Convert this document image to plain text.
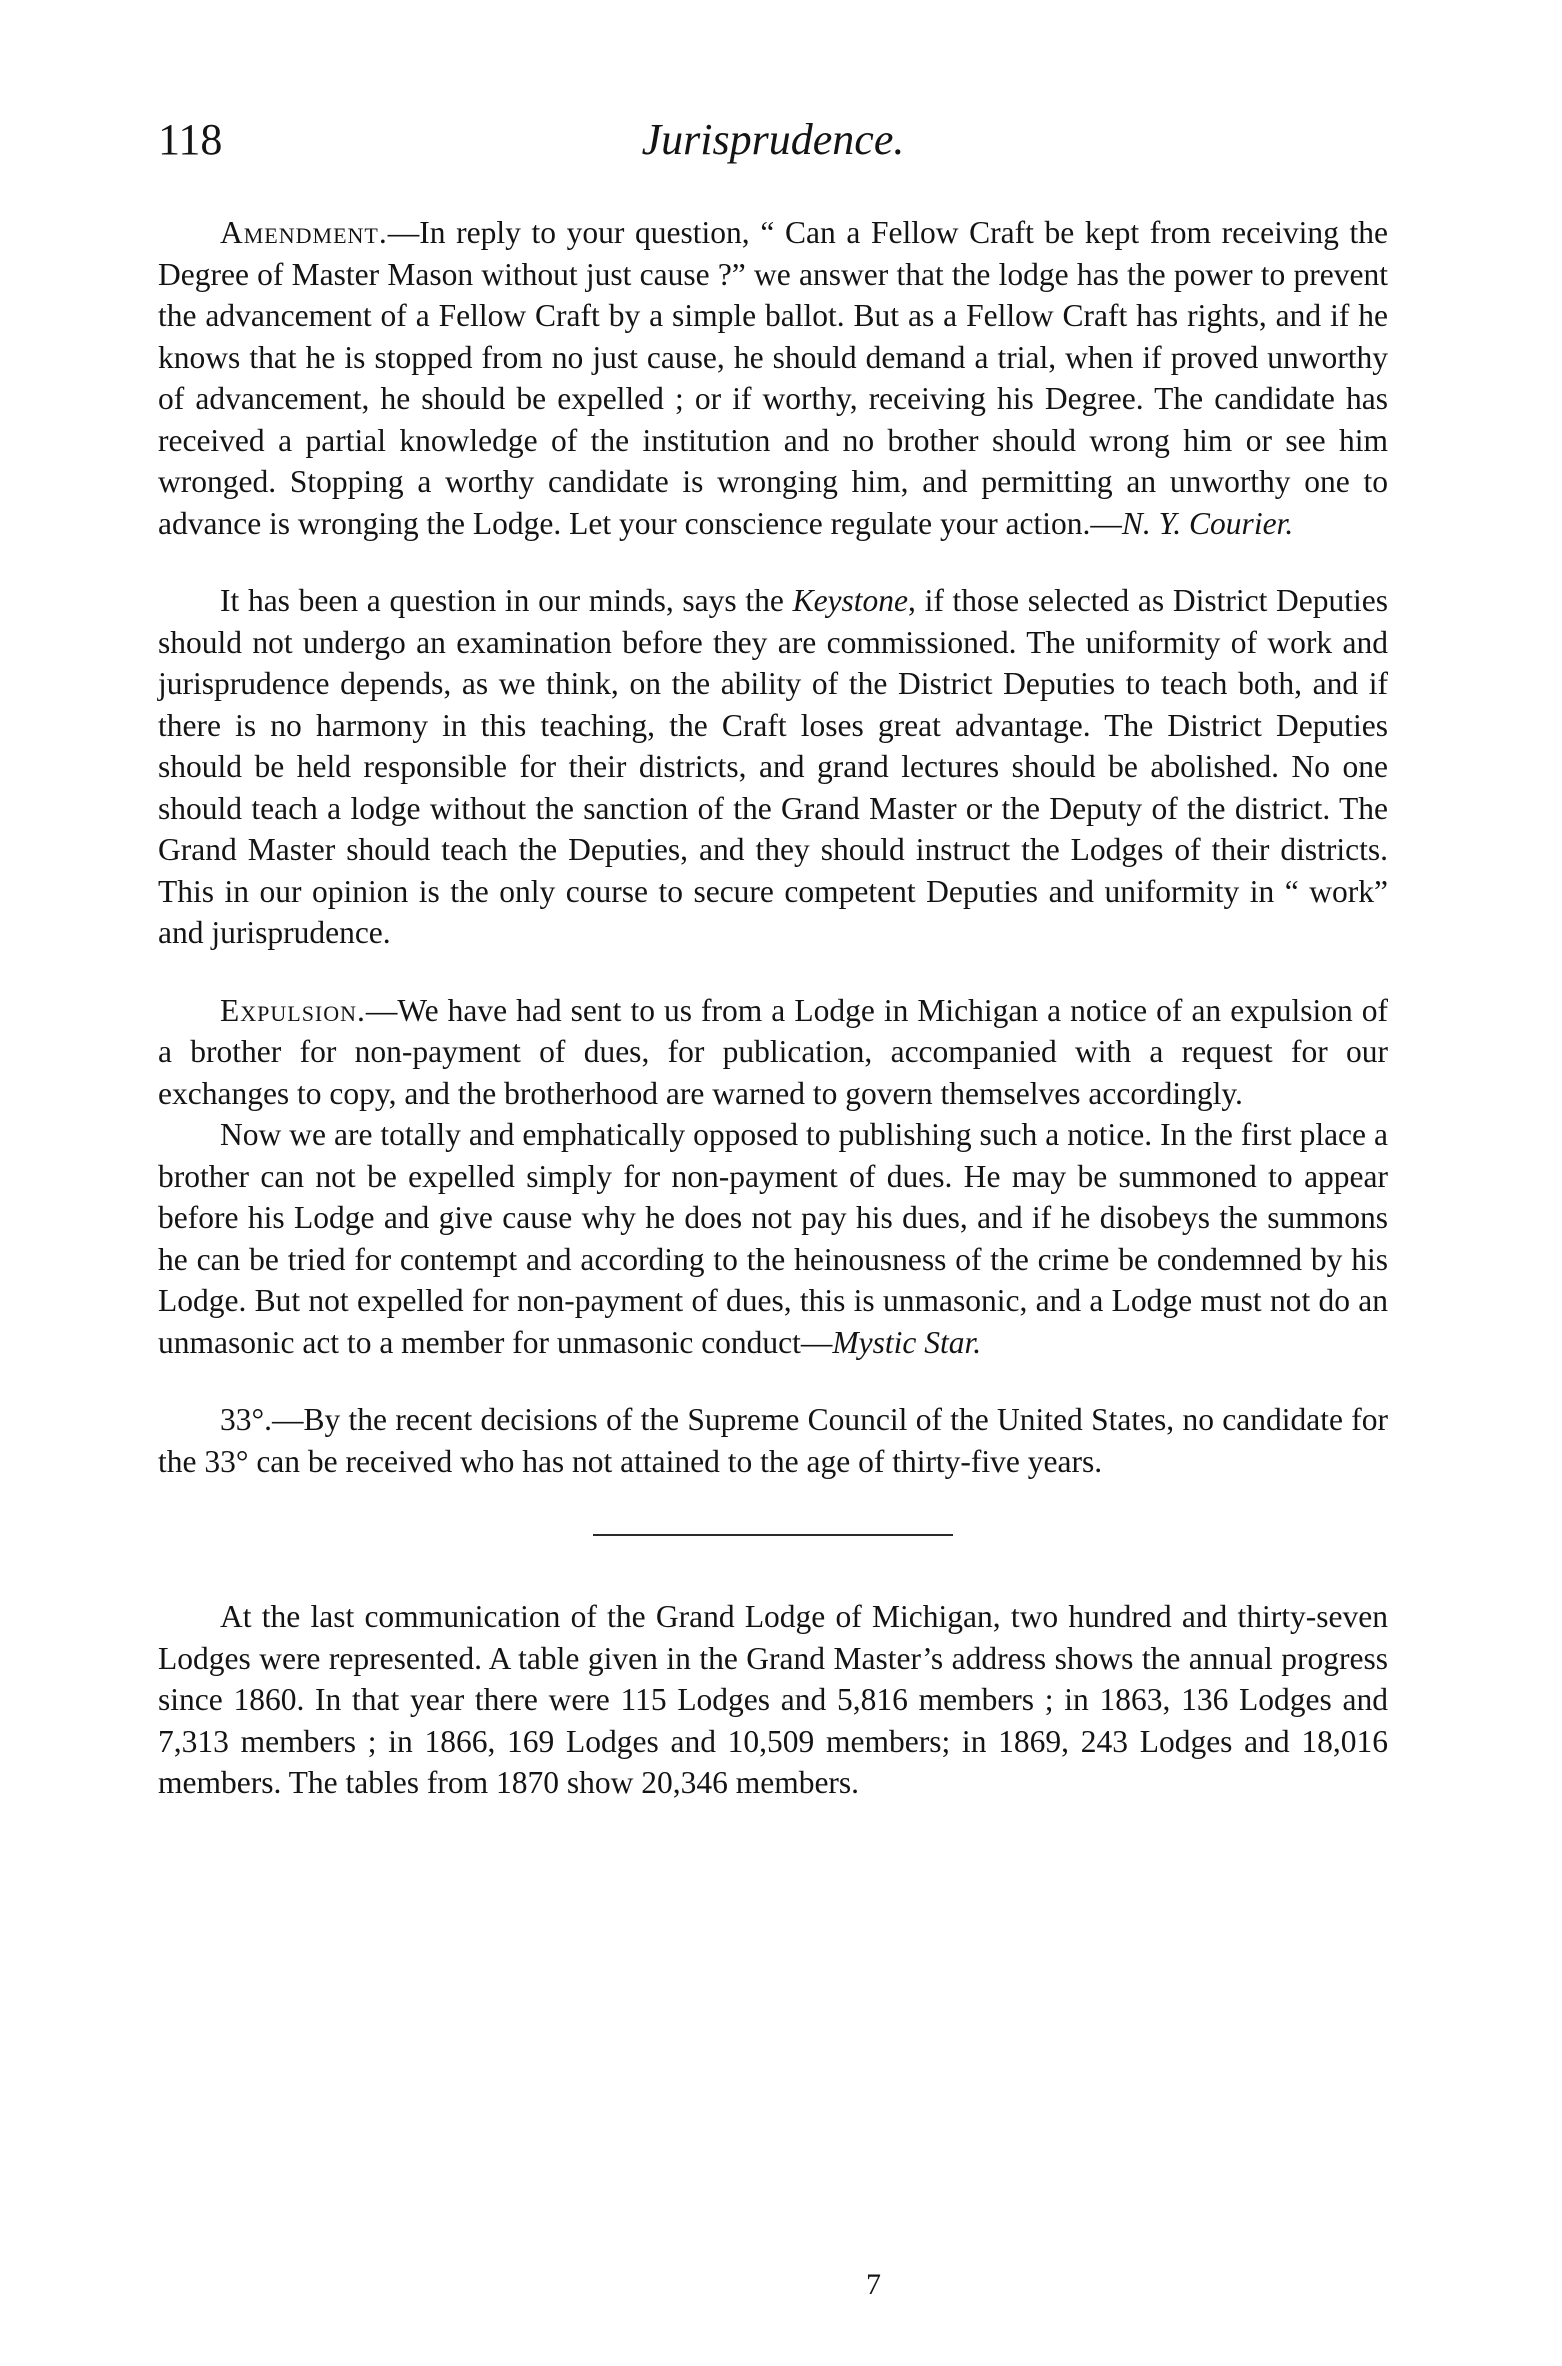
118	Jurisprudence.

Amendment.—In reply to your question, “ Can a Fellow Craft be kept from receiving the Degree of Master Mason without just cause ?” we answer that the lodge has the power to prevent the advancement of a Fellow Craft by a simple ballot. But as a Fellow Craft has rights, and if he knows that he is stopped from no just cause, he should demand a trial, when if proved unworthy of advancement, he should be expelled ; or if worthy, receiving his Degree. The candidate has received a partial knowledge of the institution and no brother should wrong him or see him wronged. Stopping a worthy candidate is wronging him, and permitting an unworthy one to advance is wronging the Lodge. Let your conscience regulate your action.—N. Y. Courier.

It has been a question in our minds, says the Keystone, if those selected as District Deputies should not undergo an examination before they are commissioned. The uniformity of work and jurisprudence depends, as we think, on the ability of the District Deputies to teach both, and if there is no harmony in this teaching, the Craft loses great advantage. The District Deputies should be held responsible for their districts, and grand lectures should be abolished. No one should teach a lodge without the sanction of the Grand Master or the Deputy of the district. The Grand Master should teach the Deputies, and they should instruct the Lodges of their districts. This in our opinion is the only course to secure competent Deputies and uniformity in “ work” and jurisprudence.

Expulsion.—We have had sent to us from a Lodge in Michigan a notice of an expulsion of a brother for non-payment of dues, for publication, accompanied with a request for our exchanges to copy, and the brotherhood are warned to govern themselves accordingly.

Now we are totally and emphatically opposed to publishing such a notice. In the first place a brother can not be expelled simply for non-payment of dues. He may be summoned to appear before his Lodge and give cause why he does not pay his dues, and if he disobeys the summons he can be tried for contempt and according to the heinousness of the crime be condemned by his Lodge. But not expelled for non-payment of dues, this is unmasonic, and a Lodge must not do an unmasonic act to a member for unmasonic conduct—Mystic Star.

33°.—By the recent decisions of the Supreme Council of the United States, no candidate for the 33° can be received who has not attained to the age of thirty-five years.

At the last communication of the Grand Lodge of Michigan, two hundred and thirty-seven Lodges were represented. A table given in the Grand Master’s address shows the annual progress since 1860. In that year there were 115 Lodges and 5,816 members ; in 1863, 136 Lodges and 7,313 members ; in 1866, 169 Lodges and 10,509 members; in 1869, 243 Lodges and 18,016 members. The tables from 1870 show 20,346 members.

7
